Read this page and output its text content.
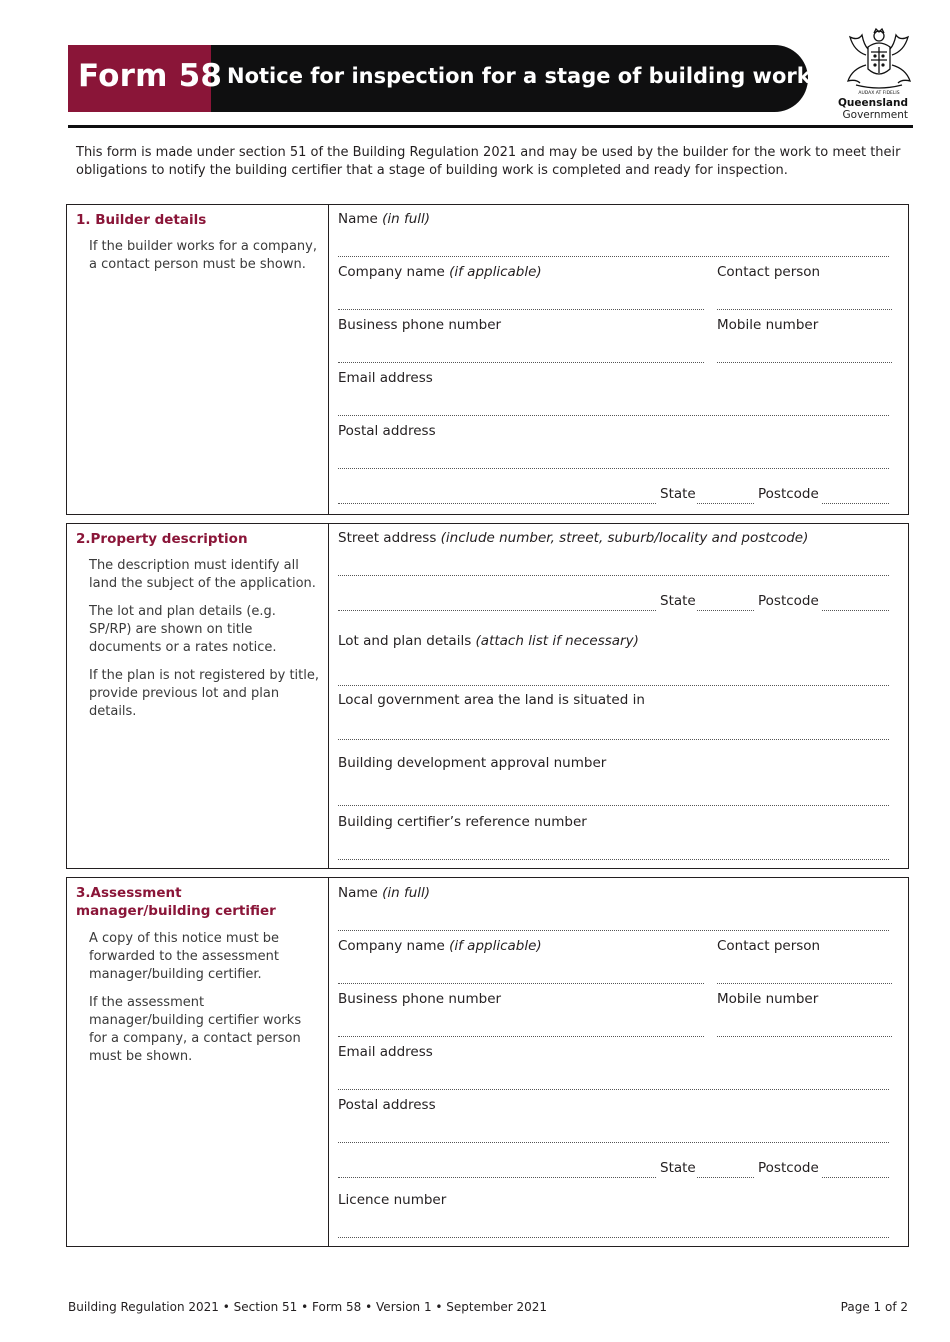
Form 58 Notice for inspection for a stage of building work
AUDAX AT FIDELIS
Queensland
Government
This form is made under section 51 of the Building Regulation 2021 and may be used by the builder for the work to meet their obligations to notify the building certifier that a stage of building work is completed and ready for inspection.
1. Builder details
If the builder works for a company, a contact person must be shown.
Name (in full)
Company name (if applicable)	Contact person
Business phone number	Mobile number
Email address
Postal address
State	Postcode
2.Property description
The description must identify all land the subject of the application.
The lot and plan details (e.g. SP/RP) are shown on title documents or a rates notice.
If the plan is not registered by title, provide previous lot and plan details.
Street address (include number, street, suburb/locality and postcode)
State	Postcode
Lot and plan details (attach list if necessary)
Local government area the land is situated in
Building development approval number
Building certifier’s reference number
3.Assessment manager/building certifier
A copy of this notice must be forwarded to the assessment manager/building certifier.
If the assessment manager/building certifier works for a company, a contact person must be shown.
Name (in full)
Company name (if applicable)	Contact person
Business phone number	Mobile number
Email address
Postal address
State	Postcode
Licence number
Building Regulation 2021 • Section 51 • Form 58 • Version 1 • September 2021	Page 1 of 2
